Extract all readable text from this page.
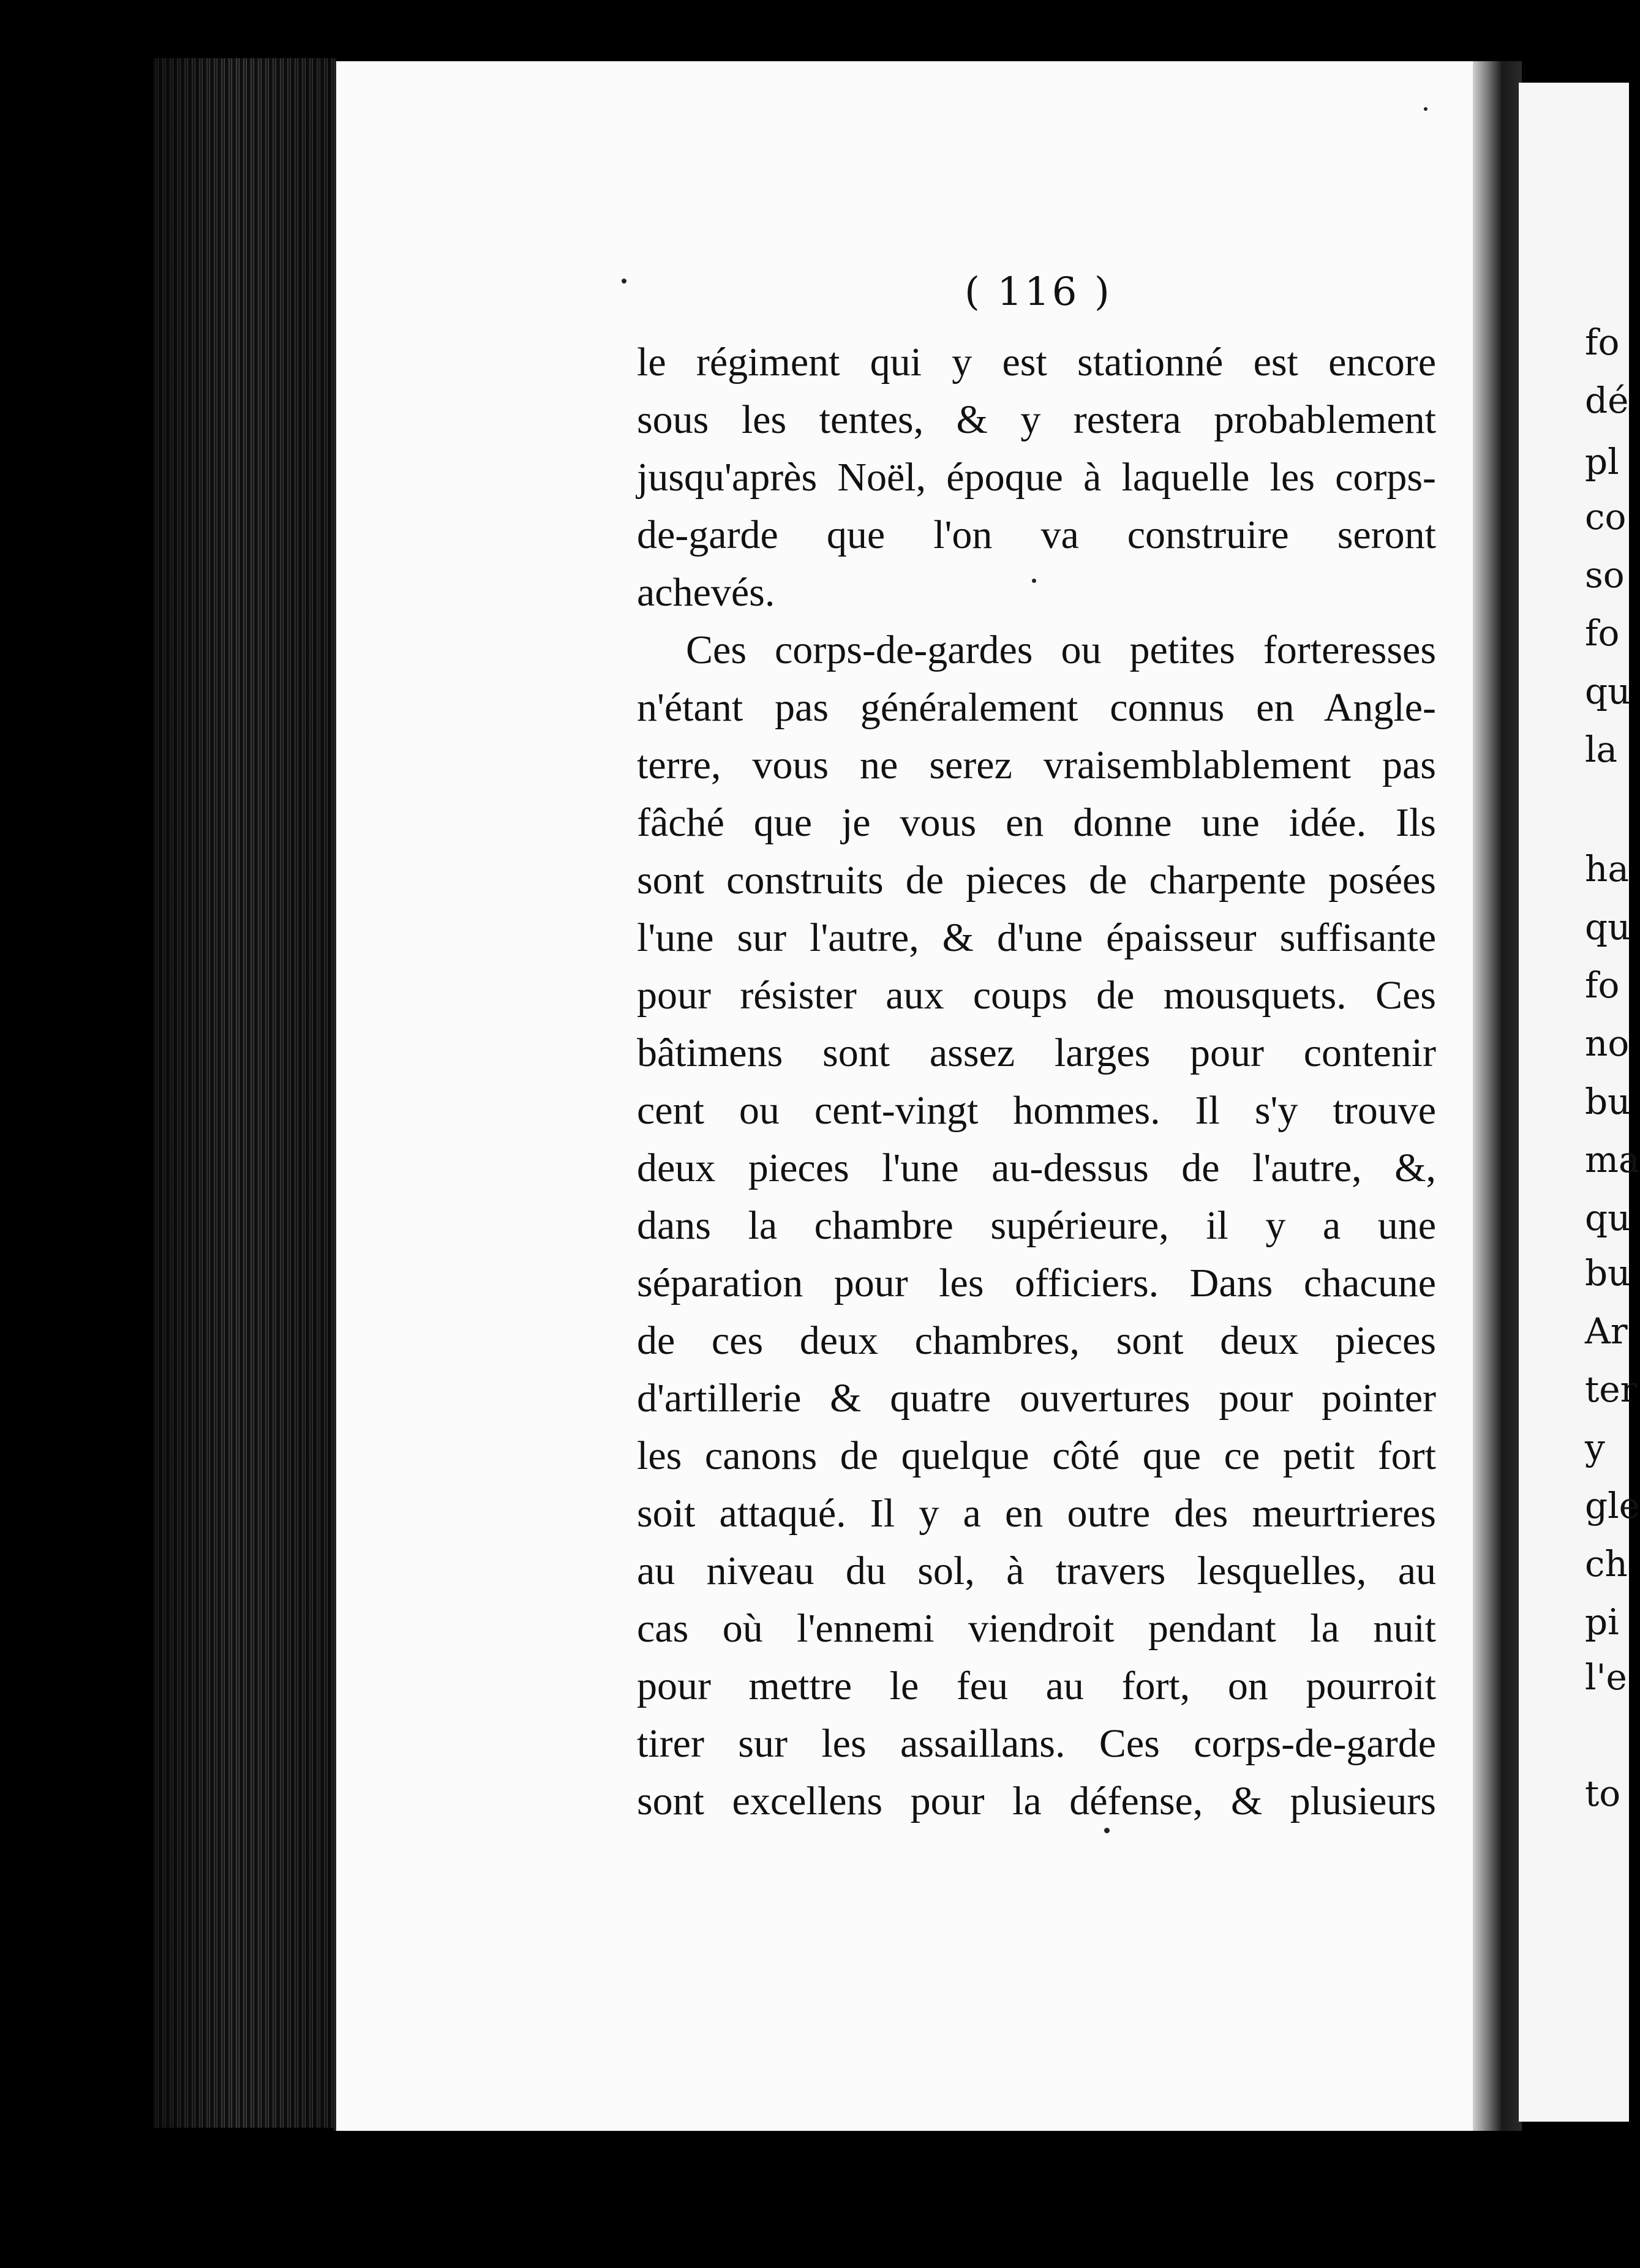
fo
dé
pl
co
so
fo
qu
la
ha
qu
fo
no
bu
ma
qu
bu
Ar
ter
y
gle
ch
pi
l'e
to
( 116 )
le régiment qui y est stationné est encore
sous les tentes, & y restera probablement
jusqu'après Noël, époque à laquelle les corps-
de-garde que l'on va construire seront
achevés.
Ces corps-de-gardes ou petites forteresses
n'étant pas généralement connus en Angle-
terre, vous ne serez vraisemblablement pas
fâché que je vous en donne une idée. Ils
sont construits de pieces de charpente posées
l'une sur l'autre, & d'une épaisseur suffisante
pour résister aux coups de mousquets. Ces
bâtimens sont assez larges pour contenir
cent ou cent-vingt hommes. Il s'y trouve
deux pieces l'une au-dessus de l'autre, &,
dans la chambre supérieure, il y a une
séparation pour les officiers. Dans chacune
de ces deux chambres, sont deux pieces
d'artillerie & quatre ouvertures pour pointer
les canons de quelque côté que ce petit fort
soit attaqué. Il y a en outre des meurtrieres
au niveau du sol, à travers lesquelles, au
cas où l'ennemi viendroit pendant la nuit
pour mettre le feu au fort, on pourroit
tirer sur les assaillans. Ces corps-de-garde
sont excellens pour la défense, & plusieurs
